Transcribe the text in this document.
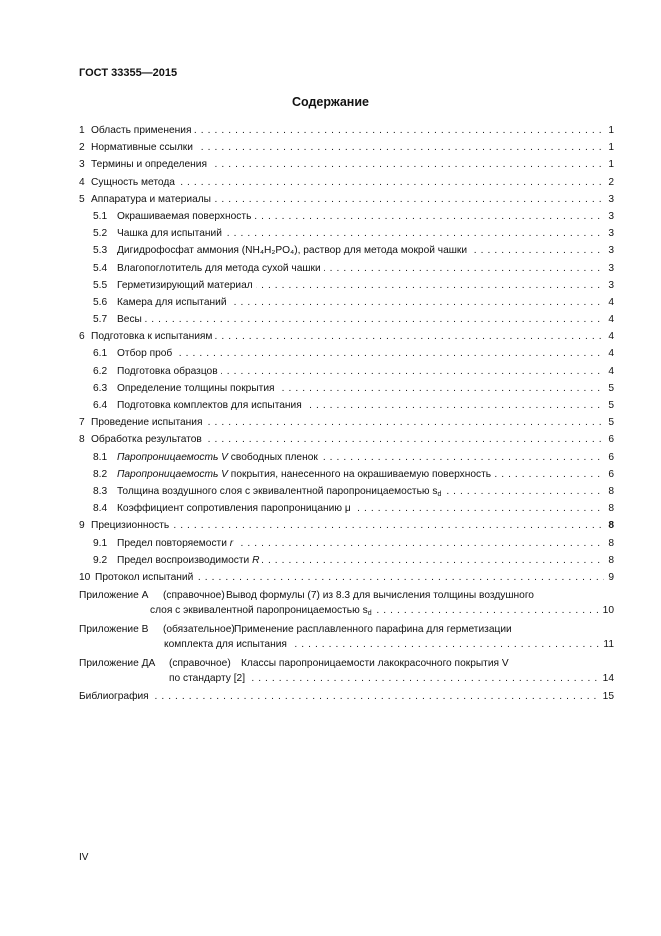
ГОСТ 33355—2015
Содержание
1 Область применения . . .	1
2 Нормативные ссылки . . .	1
3 Термины и определения . . .	1
4 Сущность метода . . .	2
5 Аппаратура и материалы . . .	3
5.1 Окрашиваемая поверхность . . .	3
5.2 Чашка для испытаний . . .	3
5.3 Дигидрофосфат аммония (NH₄H₂PO₄), раствор для метода мокрой чашки . . .	3
5.4 Влагопоглотитель для метода сухой чашки . . .	3
5.5 Герметизирующий материал . . .	3
5.6 Камера для испытаний . . .	4
5.7 Весы . . .	4
6 Подготовка к испытаниям . . .	4
6.1 Отбор проб . . .	4
6.2 Подготовка образцов . . .	4
6.3 Определение толщины покрытия . . .	5
6.4 Подготовка комплектов для испытания . . .	5
7 Проведение испытания . . .	5
8 Обработка результатов . . .	6
8.1 Паропроницаемость V свободных пленок . . .	6
8.2 Паропроницаемость V покрытия, нанесенного на окрашиваемую поверхность . . .	6
8.3 Толщина воздушного слоя с эквивалентной паропроницаемостью $s_d$ . . .	8
8.4 Коэффициент сопротивления паропроницанию μ . . .	8
9 Прецизионность . . .	8
9.1 Предел повторяемости r . . .	8
9.2 Предел воспроизводимости R . . .	8
10 Протокол испытаний . . .	9
Приложение А (справочное) Вывод формулы (7) из 8.3 для вычисления толщины воздушного
слоя с эквивалентной паропроницаемостью $s_d$ . . .	10
Приложение В (обязательное) Применение расплавленного парафина для герметизации
комплекта для испытания . . .	11
Приложение ДА (справочное) Классы паропроницаемости лакокрасочного покрытия V
по стандарту [2] . . .	14
Библиография . . .	15
IV
